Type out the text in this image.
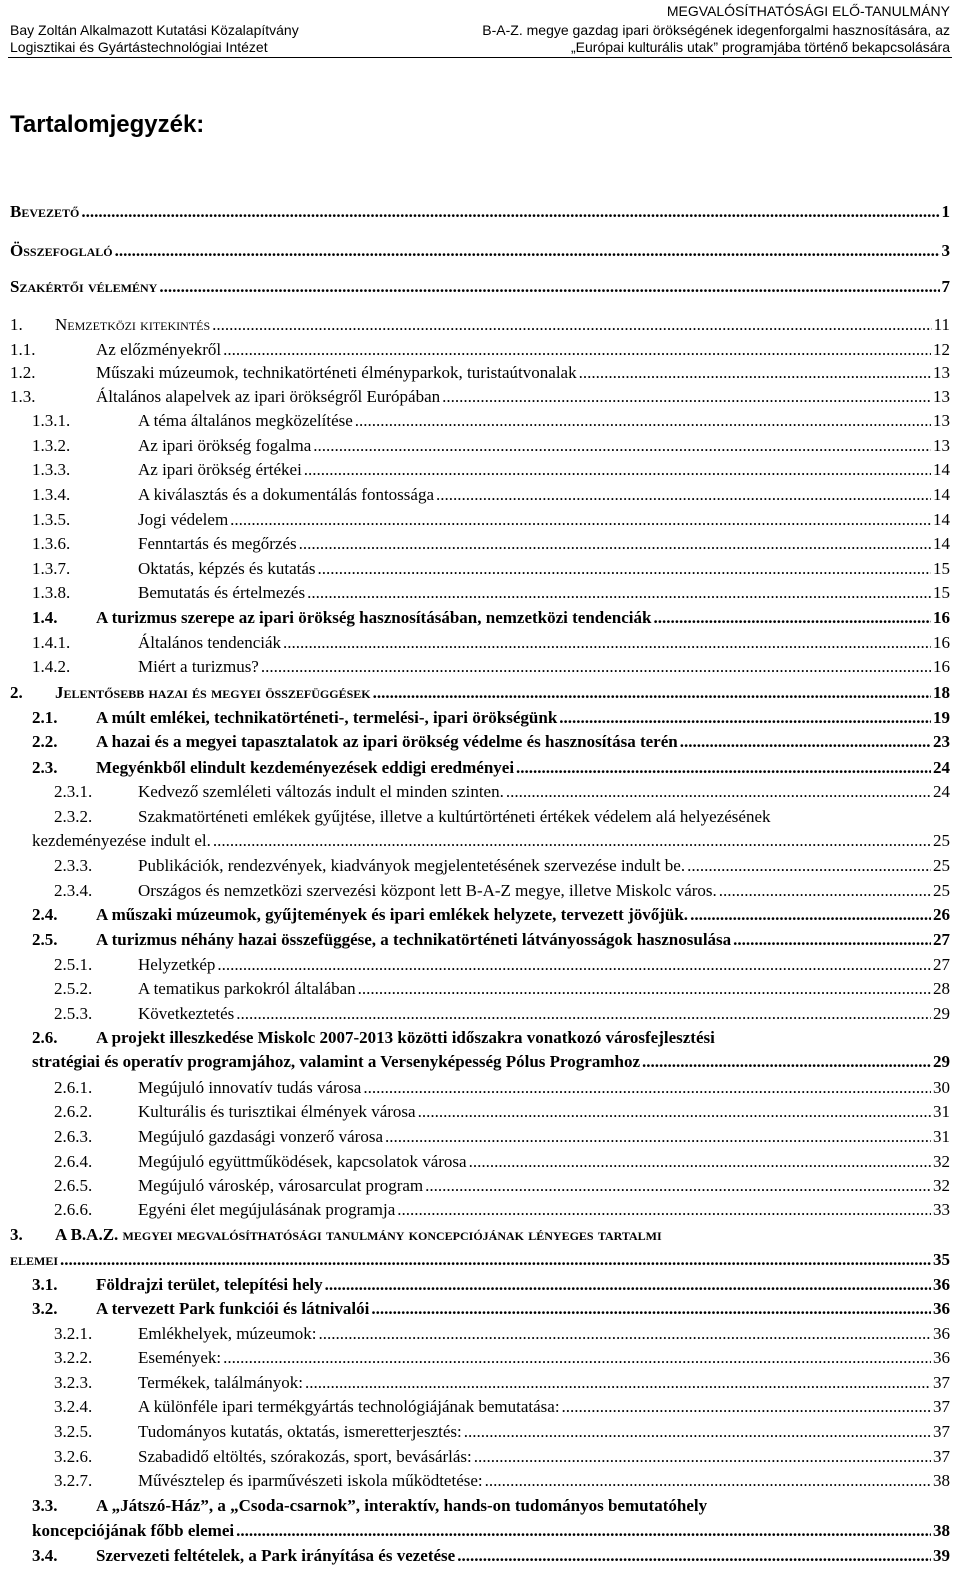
Bay Zoltán Alkalmazott Kutatási Közalapítvány
Logisztikai és Gyártástechnológiai Intézet
MEGVALÓSÍTHATÓSÁGI ELŐ-TANULMÁNY
B-A-Z. megye gazdag ipari örökségének idegenforgalmi hasznosítására, az
„Európai kulturális utak” programjába történő bekapcsolására
Tartalomjegyzék:
Bevezető .....	1
Összefoglaló .....	3
Szakértői vélemény .....	7
1.	Nemzetközi kitekintés .....	11
1.1.	Az előzményekről .....	12
1.2.	Műszaki múzeumok, technikatörténeti élményparkok, turistaútvonalak .....	13
1.3.	Általános alapelvek az ipari örökségről Európában .....	13
1.3.1.	A téma általános megközelítése .....	13
1.3.2.	Az ipari örökség fogalma .....	13
1.3.3.	Az ipari örökség értékei .....	14
1.3.4.	A kiválasztás és a dokumentálás fontossága .....	14
1.3.5.	Jogi védelem .....	14
1.3.6.	Fenntartás és megőrzés .....	14
1.3.7.	Oktatás, képzés és kutatás .....	15
1.3.8.	Bemutatás és értelmezés .....	15
1.4.	A turizmus szerepe az ipari örökség hasznosításában, nemzetközi tendenciák .....	16
1.4.1.	Általános tendenciák .....	16
1.4.2.	Miért a turizmus? .....	16
2.	Jelentősebb hazai és megyei összefüggések .....	18
2.1.	A múlt emlékei, technikatörténeti-, termelési-, ipari örökségünk .....	19
2.2.	A hazai és a megyei tapasztalatok az ipari örökség védelme és hasznosítása terén .....	23
2.3.	Megyénkből elindult kezdeményezések eddigi eredményei .....	24
2.3.1.	Kedvező szemléleti változás indult el minden szinten. .....	24
2.3.2.	Szakmatörténeti emlékek gyűjtése, illetve a kultúrtörténeti értékek védelem alá helyezésének
kezdeményezése indult el. .....	25
2.3.3.	Publikációk, rendezvények, kiadványok megjelentetésének szervezése indult be. .....	25
2.3.4.	Országos és nemzetközi szervezési központ lett B-A-Z megye, illetve Miskolc város. .....	25
2.4.	A műszaki múzeumok, gyűjtemények és ipari emlékek helyzete, tervezett jövőjük. .....	26
2.5.	A turizmus néhány hazai összefüggése, a technikatörténeti látványosságok hasznosulása .....	27
2.5.1.	Helyzetkép .....	27
2.5.2.	A tematikus parkokról általában .....	28
2.5.3.	Következtetés .....	29
2.6.	A projekt illeszkedése Miskolc 2007-2013 közötti időszakra vonatkozó városfejlesztési
stratégiai és operatív programjához, valamint a Versenyképesség Pólus Programhoz .....	29
2.6.1.	Megújuló innovatív tudás városa .....	30
2.6.2.	Kulturális és turisztikai élmények városa .....	31
2.6.3.	Megújuló gazdasági vonzerő városa .....	31
2.6.4.	Megújuló együttműködések, kapcsolatok városa .....	32
2.6.5.	Megújuló városkép, városarculat program .....	32
2.6.6.	Egyéni élet megújulásának programja .....	33
3.	A B.A.Z. megyei megvalósíthatósági tanulmány koncepciójának lényeges tartalmi
elemei .....	35
3.1.	Földrajzi terület, telepítési hely .....	36
3.2.	A tervezett Park funkciói és látnivalói .....	36
3.2.1.	Emlékhelyek, múzeumok: .....	36
3.2.2.	Események: .....	36
3.2.3.	Termékek, találmányok: .....	37
3.2.4.	A különféle ipari termékgyártás technológiájának bemutatása: .....	37
3.2.5.	Tudományos kutatás, oktatás, ismeretterjesztés: .....	37
3.2.6.	Szabadidő eltöltés, szórakozás, sport, bevásárlás: .....	37
3.2.7.	Művésztelep és iparművészeti iskola működtetése: .....	38
3.3.	A „Játszó-Ház”, a „Csoda-csarnok”, interaktív, hands-on tudományos bemutatóhely
koncepciójának főbb elemei .....	38
3.4.	Szervezeti feltételek, a Park irányítása és vezetése .....	39
